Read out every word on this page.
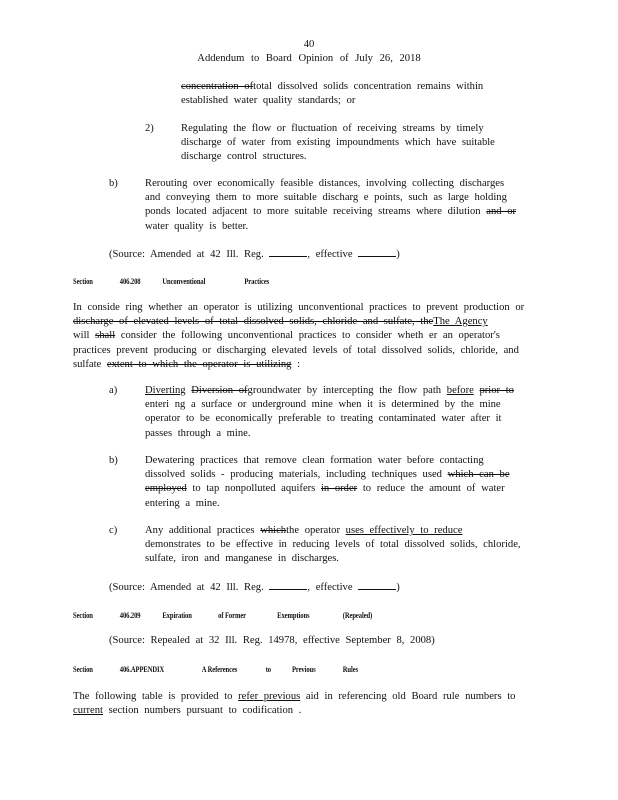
40
Addendum to Board Opinion of July 26, 2018
concentration oftotal dissolved solids concentration remains within
established water quality standards; or
2)	Regulating the flow or fluctuation of receiving streams by timely
discharge of water from existing impoundments which have suitable
discharge control structures.
b)	Rerouting over economically feasible distances, involving collecting discharges
and conveying them to more suitable discharg e points, such as large holding
ponds located adjacent to more suitable receiving streams where dilution and or
water quality is better.
(Source: Amended at 42 Ill. Reg.	, effective	)
Section	406.208	Unconventional	Practices
In conside ring whether an operator is utilizing unconventional practices to prevent production or
discharge of elevated levels of total dissolved solids, chloride and sulfate, theThe Agency
will shall consider the following unconventional practices to consider wheth er an operator's
practices prevent producing or discharging elevated levels of total dissolved solids, chloride, and
sulfate extent to which the operator is utilizing :
a)	Diverting Diversion ofgroundwater by intercepting the flow path before prior to
enteri ng a surface or underground mine when it is determined by the mine
operator to be economically preferable to treating contaminated water after it
passes through a mine.
b)	Dewatering practices that remove clean formation water before contacting
dissolved solids - producing materials, including techniques used which can be
employed to tap nonpolluted aquifers in order to reduce the amount of water
entering a mine.
c)	Any additional practices whichthe operator uses effectively to reduce
demonstrates to be effective in reducing levels of total dissolved solids, chloride,
sulfate, iron and manganese in discharges.
(Source: Amended at 42 Ill. Reg.	, effective	)
Section	406.209	Expiration	of Former	Exemptions	(Repealed)
(Source: Repealed at 32 Ill. Reg. 14978, effective September 8, 2008)
Section	406.APPENDIX	A References	to	Previous	Rules
The following table is provided to refer previous aid in referencing old Board rule numbers to
current section numbers pursuant to codification .
